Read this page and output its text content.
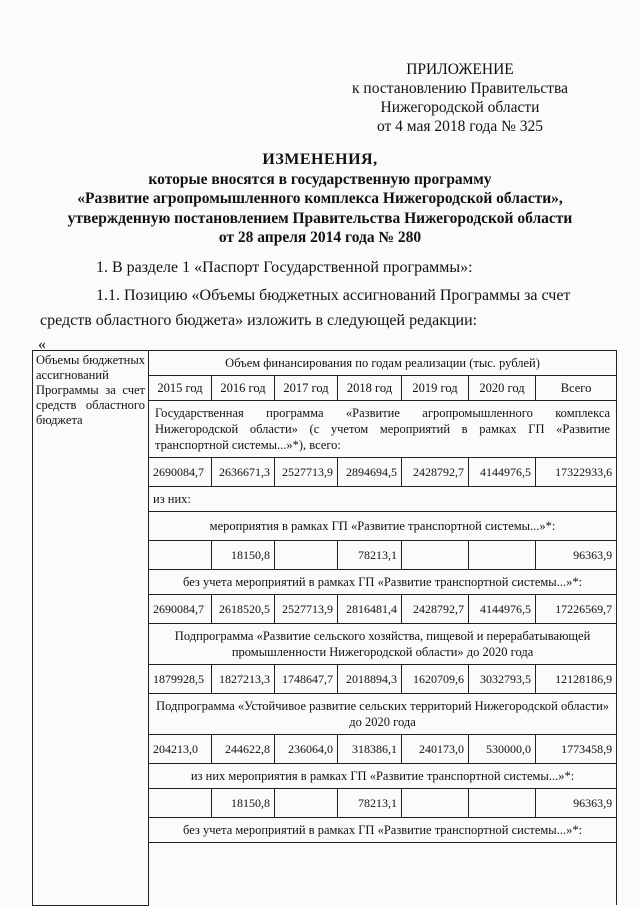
ПРИЛОЖЕНИЕ
к постановлению Правительства
Нижегородской области
от 4 мая 2018 года № 325
ИЗМЕНЕНИЯ,
которые вносятся в государственную программу
«Развитие агропромышленного комплекса Нижегородской области»,
утвержденную постановлением Правительства Нижегородской области
от 28 апреля 2014 года № 280
1. В разделе 1 «Паспорт Государственной программы»:
1.1. Позицию «Объемы бюджетных ассигнований Программы за счет
средств областного бюджета» изложить в следующей редакции:
«
Объемы бюджетных ассигнований Программы за счет средств областного бюджета	Объем финансирования по годам реализации (тыс. рублей)						
	2015 год	2016 год	2017 год	2018 год	2019 год	2020 год	Всего
	Государственная программа «Развитие агропромышленного комплекса Нижегородской области» (с учетом мероприятий в рамках ГП «Развитие транспортной системы...»*), всего:						
	2690084,7	2636671,3	2527713,9	2894694,5	2428792,7	4144976,5	17322933,6
	из них:						
	мероприятия в рамках ГП «Развитие транспортной системы...»*:						
		18150,8		78213,1			96363,9
	без учета мероприятий в рамках ГП «Развитие транспортной системы...»*:						
	2690084,7	2618520,5	2527713,9	2816481,4	2428792,7	4144976,5	17226569,7
	Подпрограмма «Развитие сельского хозяйства, пищевой и перерабатывающей промышленности Нижегородской области» до 2020 года						
	1879928,5	1827213,3	1748647,7	2018894,3	1620709,6	3032793,5	12128186,9
	Подпрограмма «Устойчивое развитие сельских территорий Нижегородской области» до 2020 года						
	204213,0	244622,8	236064,0	318386,1	240173,0	530000,0	1773458,9
	из них мероприятия в рамках ГП «Развитие транспортной системы...»*:						
		18150,8		78213,1			96363,9
	без учета мероприятий в рамках ГП «Развитие транспортной системы...»*:						
